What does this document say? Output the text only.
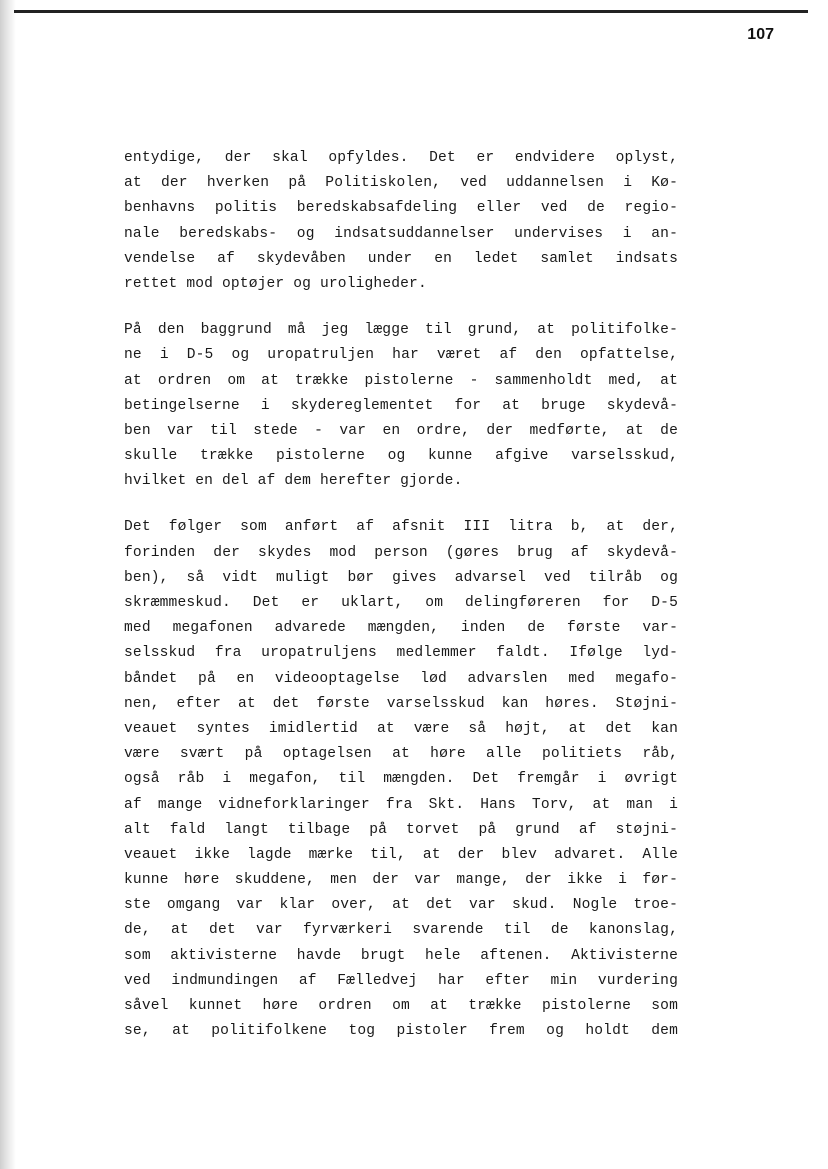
107
entydige, der skal opfyldes. Det er endvidere oplyst,
at der hverken på Politiskolen, ved uddannelsen i Kø-
benhavns politis beredskabsafdeling eller ved de regio-
nale beredskabs- og indsatsuddannelser undervises i an-
vendelse af skydevåben under en ledet samlet indsats
rettet mod optøjer og uroligheder.
På den baggrund må jeg lægge til grund, at politifolke-
ne i D-5 og uropatruljen har været af den opfattelse,
at ordren om at trække pistolerne - sammenholdt med, at
betingelserne i skydereglementet for at bruge skydevå-
ben var til stede - var en ordre, der medførte, at de
skulle trække pistolerne og kunne afgive varselsskud,
hvilket en del af dem herefter gjorde.
Det følger som anført af afsnit III litra b, at der,
forinden der skydes mod person (gøres brug af skydevå-
ben), så vidt muligt bør gives advarsel ved tilråb og
skræmmeskud. Det er uklart, om delingføreren for D-5
med megafonen advarede mængden, inden de første var-
selsskud fra uropatruljens medlemmer faldt. Ifølge lyd-
båndet på en videooptagelse lød advarslen med megafo-
nen, efter at det første varselsskud kan høres. Støjni-
veauet syntes imidlertid at være så højt, at det kan
være svært på optagelsen at høre alle politiets råb,
også råb i megafon, til mængden. Det fremgår i øvrigt
af mange vidneforklaringer fra Skt. Hans Torv, at man i
alt fald langt tilbage på torvet på grund af støjni-
veauet ikke lagde mærke til, at der blev advaret. Alle
kunne høre skuddene, men der var mange, der ikke i før-
ste omgang var klar over, at det var skud. Nogle troe-
de, at det var fyrværkeri svarende til de kanonslag,
som aktivisterne havde brugt hele aftenen. Aktivisterne
ved indmundingen af Fælledvej har efter min vurdering
såvel kunnet høre ordren om at trække pistolerne som
se, at politifolkene tog pistoler frem og holdt dem
